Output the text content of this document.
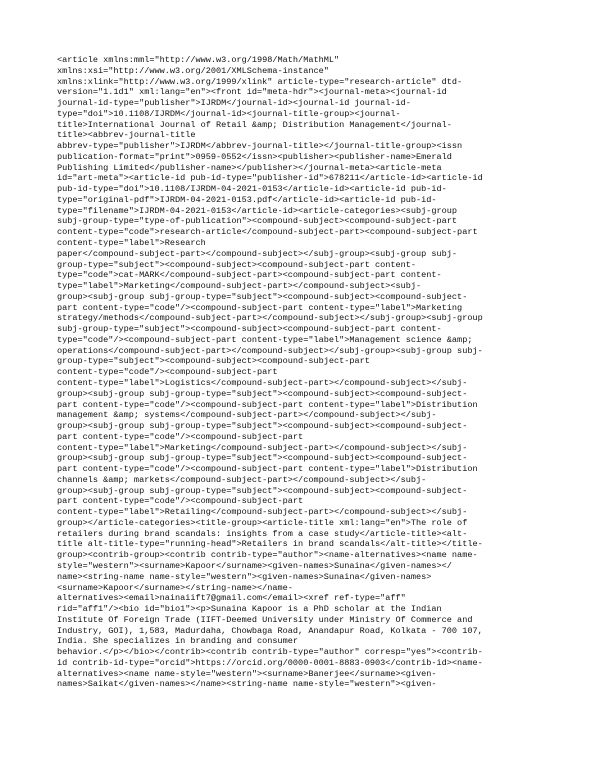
<article xmlns:mml="http://www.w3.org/1998/Math/MathML"
xmlns:xsi="http://www.w3.org/2001/XMLSchema-instance"
xmlns:xlink="http://www.w3.org/1999/xlink" article-type="research-article" dtd-
version="1.1d1" xml:lang="en"><front id="meta-hdr"><journal-meta><journal-id
journal-id-type="publisher">IJRDM</journal-id><journal-id journal-id-
type="doi">10.1108/IJRDM</journal-id><journal-title-group><journal-
title>International Journal of Retail &amp; Distribution Management</journal-
title><abbrev-journal-title
abbrev-type="publisher">IJRDM</abbrev-journal-title></journal-title-group><issn
publication-format="print">0959-0552</issn><publisher><publisher-name>Emerald
Publishing Limited</publisher-name></publisher></journal-meta><article-meta
id="art-meta"><article-id pub-id-type="publisher-id">678211</article-id><article-id
pub-id-type="doi">10.1108/IJRDM-04-2021-0153</article-id><article-id pub-id-
type="original-pdf">IJRDM-04-2021-0153.pdf</article-id><article-id pub-id-
type="filename">IJRDM-04-2021-0153</article-id><article-categories><subj-group
subj-group-type="type-of-publication"><compound-subject><compound-subject-part
content-type="code">research-article</compound-subject-part><compound-subject-part
content-type="label">Research
paper</compound-subject-part></compound-subject></subj-group><subj-group subj-
group-type="subject"><compound-subject><compound-subject-part content-
type="code">cat-MARK</compound-subject-part><compound-subject-part content-
type="label">Marketing</compound-subject-part></compound-subject><subj-
group><subj-group subj-group-type="subject"><compound-subject><compound-subject-
part content-type="code"/><compound-subject-part content-type="label">Marketing
strategy/methods</compound-subject-part></compound-subject></subj-group><subj-group
subj-group-type="subject"><compound-subject><compound-subject-part content-
type="code"/><compound-subject-part content-type="label">Management science &amp;
operations</compound-subject-part></compound-subject></subj-group><subj-group subj-
group-type="subject"><compound-subject><compound-subject-part
content-type="code"/><compound-subject-part
content-type="label">Logistics</compound-subject-part></compound-subject></subj-
group><subj-group subj-group-type="subject"><compound-subject><compound-subject-
part content-type="code"/><compound-subject-part content-type="label">Distribution
management &amp; systems</compound-subject-part></compound-subject></subj-
group><subj-group subj-group-type="subject"><compound-subject><compound-subject-
part content-type="code"/><compound-subject-part
content-type="label">Marketing</compound-subject-part></compound-subject></subj-
group><subj-group subj-group-type="subject"><compound-subject><compound-subject-
part content-type="code"/><compound-subject-part content-type="label">Distribution
channels &amp; markets</compound-subject-part></compound-subject></subj-
group><subj-group subj-group-type="subject"><compound-subject><compound-subject-
part content-type="code"/><compound-subject-part
content-type="label">Retailing</compound-subject-part></compound-subject></subj-
group></article-categories><title-group><article-title xml:lang="en">The role of
retailers during brand scandals: insights from a case study</article-title><alt-
title alt-title-type="running-head">Retailers in brand scandals</alt-title></title-
group><contrib-group><contrib contrib-type="author"><name-alternatives><name name-
style="western"><surname>Kapoor</surname><given-names>Sunaina</given-names></
name><string-name name-style="western"><given-names>Sunaina</given-names>
<surname>Kapoor</surname></string-name></name-
alternatives><email>nainaiift7@gmail.com</email><xref ref-type="aff"
rid="aff1"/><bio id="bio1"><p>Sunaina Kapoor is a PhD scholar at the Indian
Institute Of Foreign Trade (IIFT-Deemed University under Ministry Of Commerce and
Industry, GOI), 1,583, Madurdaha, Chowbaga Road, Anandapur Road, Kolkata - 700 107,
India. She specializes in branding and consumer
behavior.</p></bio></contrib><contrib contrib-type="author" corresp="yes"><contrib-
id contrib-id-type="orcid">https://orcid.org/0000-0001-8883-0903</contrib-id><name-
alternatives><name name-style="western"><surname>Banerjee</surname><given-
names>Saikat</given-names></name><string-name name-style="western"><given-
